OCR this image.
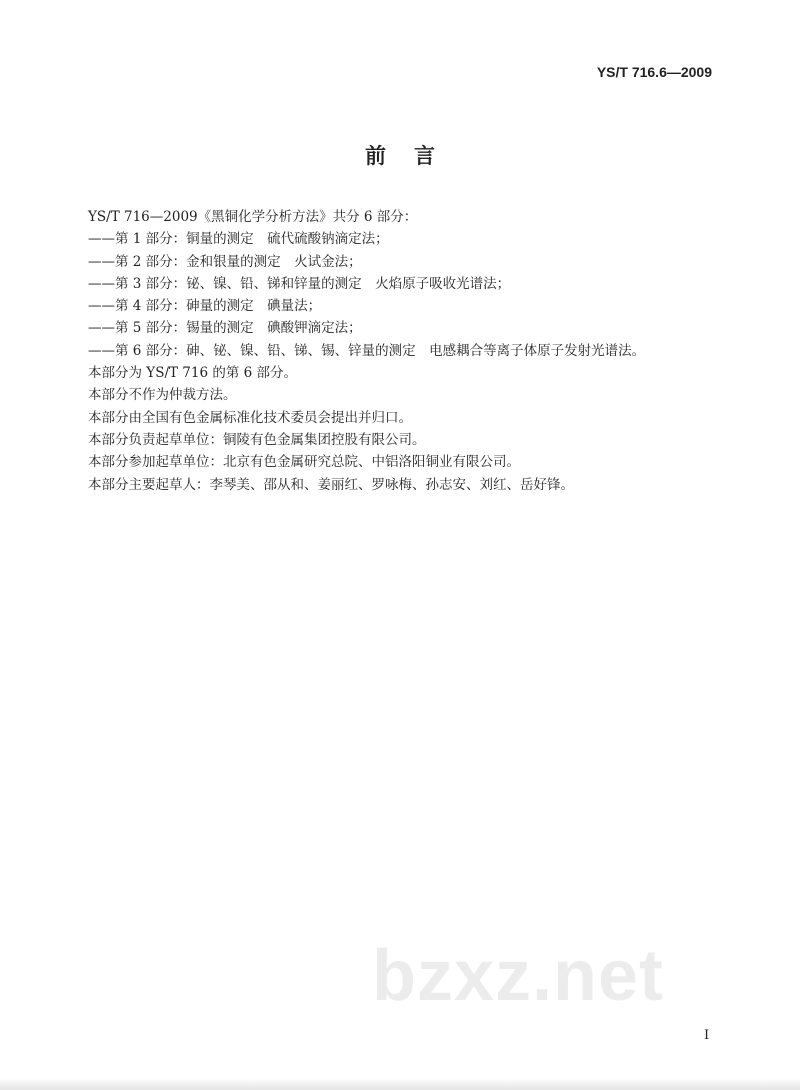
YS/T 716.6—2009
前言
YS/T 716—2009《黑铜化学分析方法》共分 6 部分：
——第 1 部分：铜量的测定　硫代硫酸钠滴定法；
——第 2 部分：金和银量的测定　火试金法；
——第 3 部分：铋、镍、铅、锑和锌量的测定　火焰原子吸收光谱法；
——第 4 部分：砷量的测定　碘量法；
——第 5 部分：锡量的测定　碘酸钾滴定法；
——第 6 部分：砷、铋、镍、铅、锑、锡、锌量的测定　电感耦合等离子体原子发射光谱法。
本部分为 YS/T 716 的第 6 部分。
本部分不作为仲裁方法。
本部分由全国有色金属标准化技术委员会提出并归口。
本部分负责起草单位：铜陵有色金属集团控股有限公司。
本部分参加起草单位：北京有色金属研究总院、中铝洛阳铜业有限公司。
本部分主要起草人：李琴美、邵从和、姜丽红、罗咏梅、孙志安、刘红、岳好锋。
bzxz.net
I
